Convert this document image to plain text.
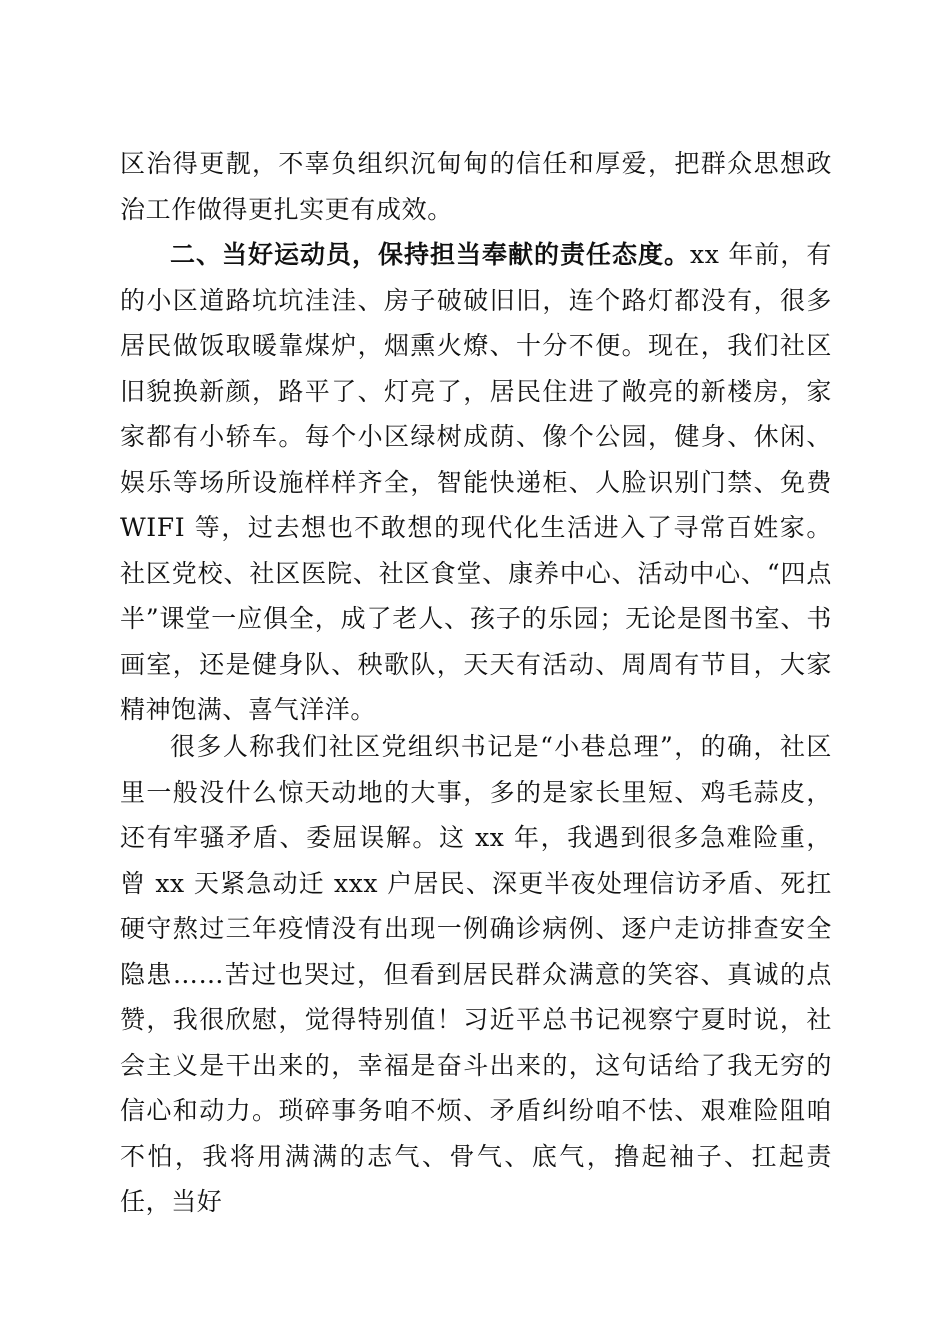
区治得更靓，不辜负组织沉甸甸的信任和厚爱，把群众思想政治工作做得更扎实更有成效。

二、当好运动员，保持担当奉献的责任态度。xx 年前，有的小区道路坑坑洼洼、房子破破旧旧，连个路灯都没有，很多居民做饭取暖靠煤炉，烟熏火燎、十分不便。现在，我们社区旧貌换新颜，路平了、灯亮了，居民住进了敞亮的新楼房，家家都有小轿车。每个小区绿树成荫、像个公园，健身、休闲、娱乐等场所设施样样齐全，智能快递柜、人脸识别门禁、免费 WIFI 等，过去想也不敢想的现代化生活进入了寻常百姓家。社区党校、社区医院、社区食堂、康养中心、活动中心、“四点半”课堂一应俱全，成了老人、孩子的乐园；无论是图书室、书画室，还是健身队、秧歌队，天天有活动、周周有节目，大家精神饱满、喜气洋洋。

很多人称我们社区党组织书记是“小巷总理”，的确，社区里一般没什么惊天动地的大事，多的是家长里短、鸡毛蒜皮，还有牢骚矛盾、委屈误解。这 xx 年，我遇到很多急难险重，曾 xx 天紧急动迁 xxx 户居民、深更半夜处理信访矛盾、死扛硬守熬过三年疫情没有出现一例确诊病例、逐户走访排查安全隐患……苦过也哭过，但看到居民群众满意的笑容、真诚的点赞，我很欣慰，觉得特别值！习近平总书记视察宁夏时说，社会主义是干出来的，幸福是奋斗出来的，这句话给了我无穷的信心和动力。琐碎事务咱不烦、矛盾纠纷咱不怯、艰难险阻咱不怕，我将用满满的志气、骨气、底气，撸起袖子、扛起责任，当好
